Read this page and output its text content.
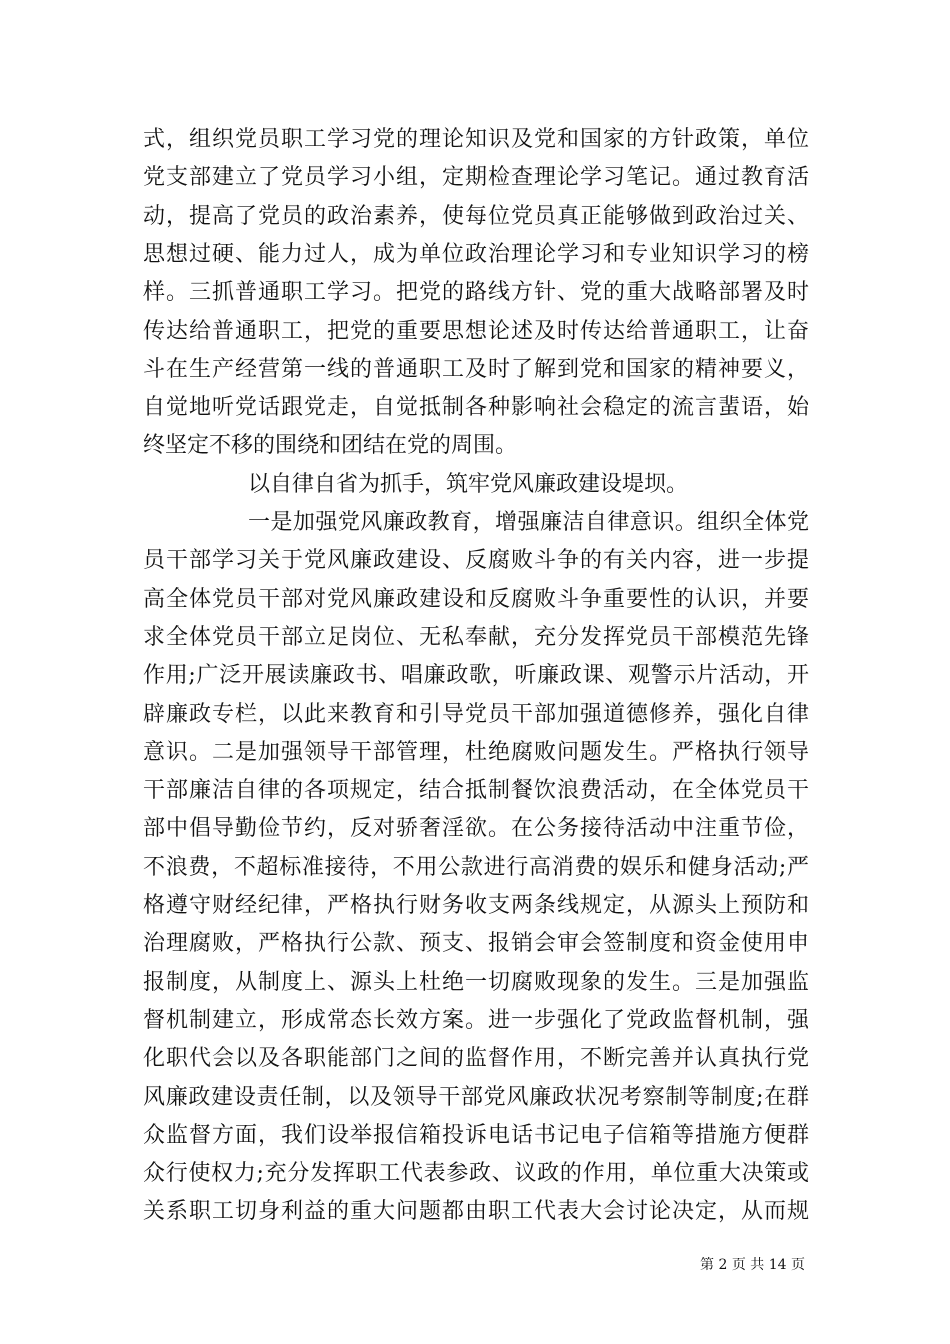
式，组织党员职工学习党的理论知识及党和国家的方针政策，单位
党支部建立了党员学习小组，定期检查理论学习笔记。通过教育活
动，提高了党员的政治素养，使每位党员真正能够做到政治过关、
思想过硬、能力过人，成为单位政治理论学习和专业知识学习的榜
样。三抓普通职工学习。把党的路线方针、党的重大战略部署及时
传达给普通职工，把党的重要思想论述及时传达给普通职工，让奋
斗在生产经营第一线的普通职工及时了解到党和国家的精神要义，
自觉地听党话跟党走，自觉抵制各种影响社会稳定的流言蜚语，始
终坚定不移的围绕和团结在党的周围。
以自律自省为抓手，筑牢党风廉政建设堤坝。
一是加强党风廉政教育，增强廉洁自律意识。组织全体党
员干部学习关于党风廉政建设、反腐败斗争的有关内容，进一步提
高全体党员干部对党风廉政建设和反腐败斗争重要性的认识，并要
求全体党员干部立足岗位、无私奉献，充分发挥党员干部模范先锋
作用;广泛开展读廉政书、唱廉政歌，听廉政课、观警示片活动，开
辟廉政专栏，以此来教育和引导党员干部加强道德修养，强化自律
意识。二是加强领导干部管理，杜绝腐败问题发生。严格执行领导
干部廉洁自律的各项规定，结合抵制餐饮浪费活动，在全体党员干
部中倡导勤俭节约，反对骄奢淫欲。在公务接待活动中注重节俭，
不浪费，不超标准接待，不用公款进行高消费的娱乐和健身活动;严
格遵守财经纪律，严格执行财务收支两条线规定，从源头上预防和
治理腐败，严格执行公款、预支、报销会审会签制度和资金使用申
报制度，从制度上、源头上杜绝一切腐败现象的发生。三是加强监
督机制建立，形成常态长效方案。进一步强化了党政监督机制，强
化职代会以及各职能部门之间的监督作用，不断完善并认真执行党
风廉政建设责任制，以及领导干部党风廉政状况考察制等制度;在群
众监督方面，我们设举报信箱投诉电话书记电子信箱等措施方便群
众行使权力;充分发挥职工代表参政、议政的作用，单位重大决策或
关系职工切身利益的重大问题都由职工代表大会讨论决定，从而规
第 2 页 共 14 页
